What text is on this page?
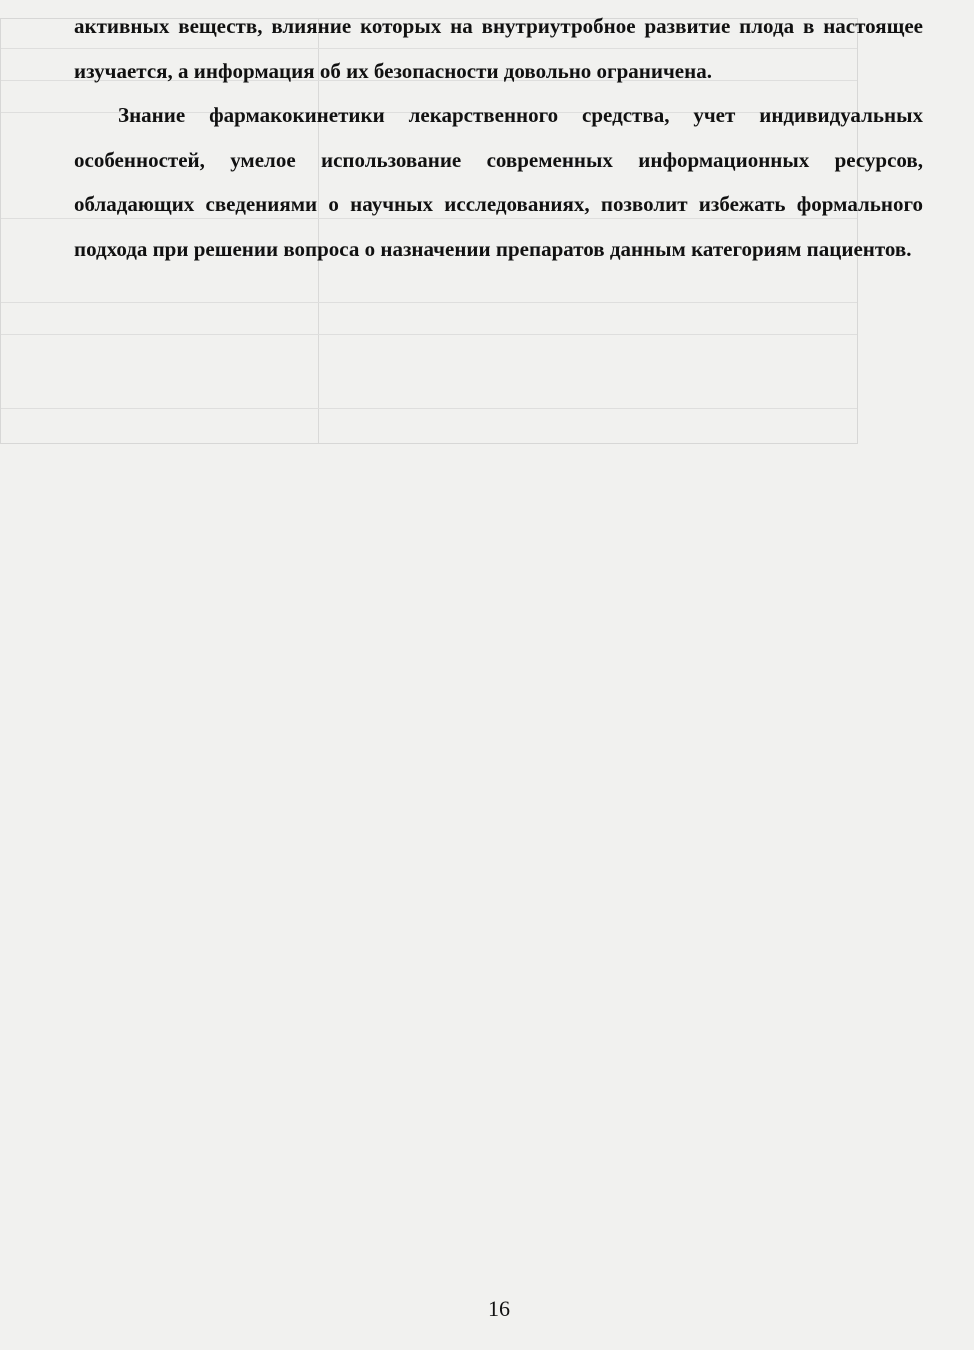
активных веществ, влияние которых на внутриутробное развитие плода в настоящее изучается, а информация об их безопасности довольно ограничена.

Знание фармакокинетики лекарственного средства, учет индивидуальных особенностей, умелое использование современных информационных ресурсов, обладающих сведениями о научных исследованиях, позволит избежать формального подхода при решении вопроса о назначении препаратов данным категориям пациентов.

16
